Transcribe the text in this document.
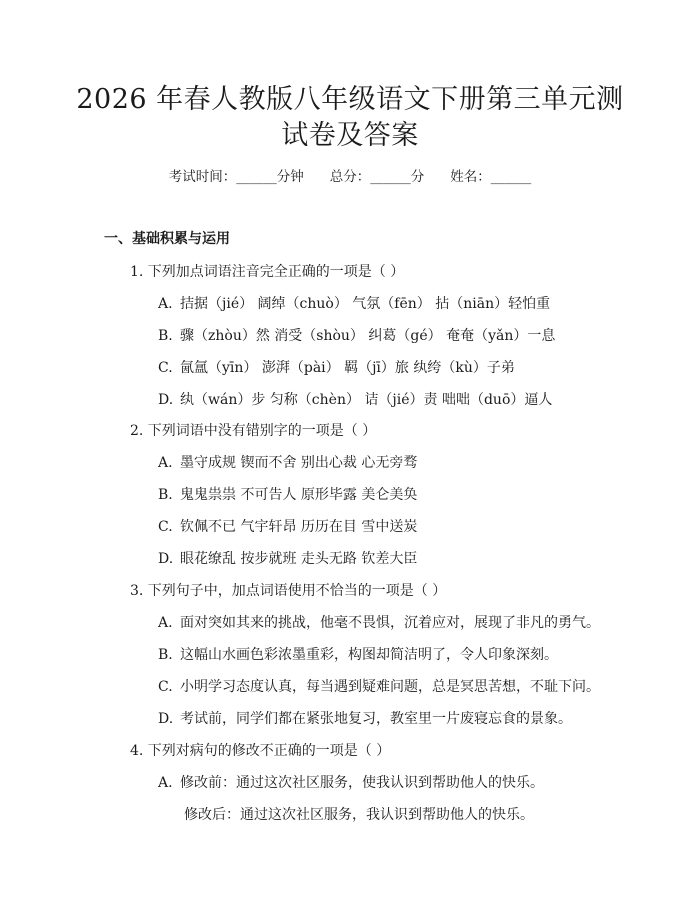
2026 年春人教版八年级语文下册第三单元测
试卷及答案
考试时间：______分钟 总分：______分 姓名：______
一、基础积累与运用
1. 下列加点词语注音完全正确的一项是（ ）
A. 拮据（jié） 阔绰（chuò） 气氛（fēn） 拈（niān）轻怕重
B. 骤（zhòu）然 消受（shòu） 纠葛（gé） 奄奄（yǎn）一息
C. 氤氲（yīn） 澎湃（pài） 羁（jī）旅 纨绔（kù）子弟
D. 纨（wán）步 匀称（chèn） 诘（jié）责 咄咄（duō）逼人
2. 下列词语中没有错别字的一项是（ ）
A. 墨守成规 锲而不舍 别出心裁 心无旁骛
B. 鬼鬼祟祟 不可告人 原形毕露 美仑美奂
C. 钦佩不已 气宇轩昂 历历在目 雪中送炭
D. 眼花缭乱 按步就班 走头无路 钦差大臣
3. 下列句子中，加点词语使用不恰当的一项是（ ）
A. 面对突如其来的挑战，他毫不畏惧，沉着应对，展现了非凡的勇气。
B. 这幅山水画色彩浓墨重彩，构图却简洁明了，令人印象深刻。
C. 小明学习态度认真，每当遇到疑难问题，总是冥思苦想，不耻下问。
D. 考试前，同学们都在紧张地复习，教室里一片废寝忘食的景象。
4. 下列对病句的修改不正确的一项是（ ）
A. 修改前：通过这次社区服务，使我认识到帮助他人的快乐。
修改后：通过这次社区服务，我认识到帮助他人的快乐。
